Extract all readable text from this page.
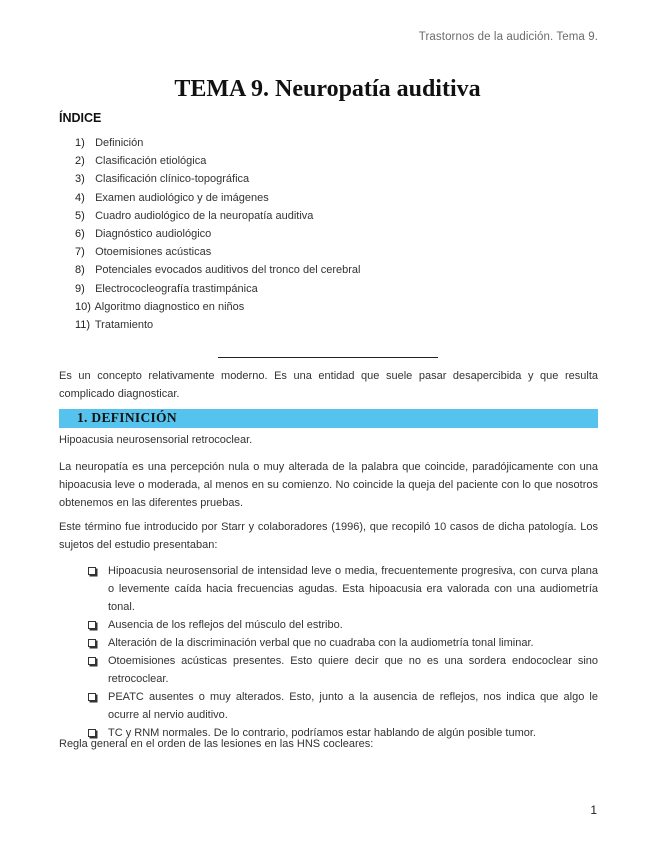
Trastornos de la audición. Tema 9.
TEMA 9. Neuropatía auditiva
ÍNDICE
1) Definición
2) Clasificación etiológica
3) Clasificación clínico-topográfica
4) Examen audiológico y de imágenes
5) Cuadro audiológico de la neuropatía auditiva
6) Diagnóstico audiológico
7) Otoemisiones acústicas
8) Potenciales evocados auditivos del tronco del cerebral
9) Electrococleografía trastimpánica
10) Algoritmo diagnostico en niños
11) Tratamiento

Es un concepto relativamente moderno. Es una entidad que suele pasar desapercibida y que resulta complicado diagnosticar.

1. DEFINICIÓN

Hipoacusia neurosensorial retrococlear.

La neuropatía es una percepción nula o muy alterada de la palabra que coincide, paradójicamente con una hipoacusia leve o moderada, al menos en su comienzo. No coincide la queja del paciente con lo que nosotros obtenemos en las diferentes pruebas.

Este término fue introducido por Starr y colaboradores (1996), que recopiló 10 casos de dicha patología. Los sujetos del estudio presentaban:

Hipoacusia neurosensorial de intensidad leve o media, frecuentemente progresiva, con curva plana o levemente caída hacia frecuencias agudas. Esta hipoacusia era valorada con una audiometría tonal.
Ausencia de los reflejos del músculo del estribo.
Alteración de la discriminación verbal que no cuadraba con la audiometría tonal liminar.
Otoemisiones acústicas presentes. Esto quiere decir que no es una sordera endococlear sino retrococlear.
PEATC ausentes o muy alterados. Esto, junto a la ausencia de reflejos, nos indica que algo le ocurre al nervio auditivo.
TC y RNM normales. De lo contrario, podríamos estar hablando de algún posible tumor.

Regla general en el orden de las lesiones en las HNS cocleares:

1
